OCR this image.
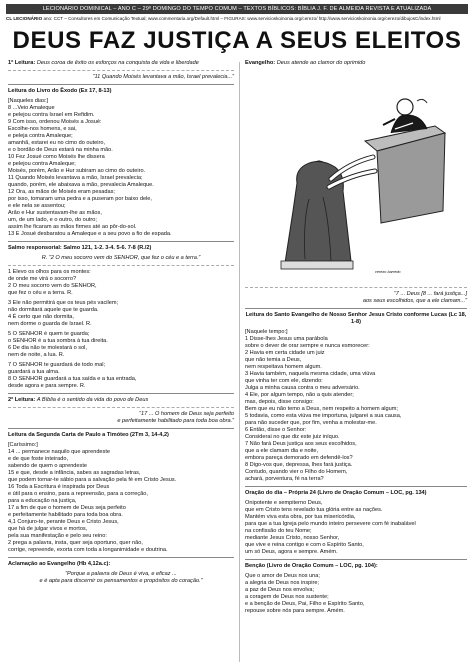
LECIONÁRIO DOMINICAL – ANO C – 29º DOMINGO DO TEMPO COMUM – TEXTOS BÍBLICOS: BÍBLIA J. F. DE ALMEIDA REVISTA E ATUALIZADA
CL LECIONÁRIO ano: CCT – Consultores em Comunicação Textual; www.commentaria.org/Default.html – FIGURAS: www.servicioskoinonia.org/cerezo/ http://www.servicioskoinonia.org/cerezo/dibujosC/index.html
DEUS FAZ JUSTIÇA A SEUS ELEITOS

1ª Leitura: Deus coroa de êxito os esforços na conquista da vida e liberdade

“11 Quando Moisés levantava a mão, Israel prevalecia...”

Leitura do Livro do Êxodo (Ex 17, 8-13)

[Naqueles dias:]

8 ...Veio Amaleque

e pelejou contra Israel em Refidim.

9 Com isso, ordenou Moisés a Josué:

Escolhe-nos homens, e sai,

e peleja contra Amaleque;

amanhã, estarei eu no cimo do outeiro,

e o bordão de Deus estará na minha mão.

10 Fez Josué como Moisés lhe dissera

e pelejou contra Amaleque;

Moisés, porém, Arão e Hur subiram ao cimo do outeiro.

11 Quando Moisés levantava a mão, Israel prevalecia;

quando, porém, ele abaixava a mão, prevalecia Amaleque.

12 Ora, as mãos de Moisés eram pesadas;

por isso, tomaram uma pedra e a puseram por baixo dele,

e ele nela se assentou;

Arão e Hur sustentavam-lhe as mãos,

um, de um lado, e o outro, do outro;

assim lhe ficaram as mãos firmes até ao pôr-do-sol.

13 E Josué desbaratou a Amaleque e a seu povo a fio de espada.

Salmo responsorial: Salmo 121, 1-2. 3-4. 5-6. 7-8 (R./2)

R. “2 O meu socorro vem do SENHOR, que fez o céu e a terra.”

1 Elevo os olhos para os montes:

de onde me virá o socorro?

2 O meu socorro vem do SENHOR,

que fez o céu e a terra. R.

3 Ele não permitirá que os teus pés vacilem;

não dormitará aquele que te guarda.

4 É certo que não dormita,

nem dorme o guarda de Israel. R.

5 O SENHOR é quem te guarda;

o SENHOR é a tua sombra à tua direita.

6 De dia não te molestará o sol,

nem de noite, a lua. R.

7 O SENHOR te guardará de todo mal;

guardará a tua alma.

8 O SENHOR guardará a tua saída e a tua entrada,

desde agora e para sempre. R.

2ª Leitura: A Bíblia é o sentido da vida do povo de Deus

“17 ... O homem de Deus seja perfeito

e perfeitamente habilitado para toda boa obra.”

Leitura da Segunda Carta de Paulo a Timóteo (2Tm 3, 14-4,2)

[Caríssimo:]

14 ... permanece naquilo que aprendeste

e de que foste inteirado,

sabendo de quem o aprendeste

15 e que, desde a infância, sabes as sagradas letras,

que podem tornar-te sábio para a salvação pela fé em Cristo Jesus.

16 Toda a Escritura é inspirada por Deus

e útil para o ensino, para a repreensão, para a correção,

para a educação na justiça,

17 a fim de que o homem de Deus seja perfeito

e perfeitamente habilitado para toda boa obra.

4,1 Conjuro-te, perante Deus e Cristo Jesus,

que há de julgar vivos e mortos,

pela sua manifestação e pelo seu reino:

2 prega a palavra, insta, quer seja oportuno, quer não,

corrige, repreende, exorta com toda a longanimidade e doutrina.

Aclamação ao Evangelho (Hb 4,12a.c):

“Porque a palavra de Deus é viva, e eficaz ...

e é apta para discernir os pensamentos e propósitos do coração.”

Evangelho: Deus atende ao clamor do oprimido

cerezo barredo

“7 ... Deus [8 ... fará justiça...]

aos seus escolhidos, que a ele clamam...”

Leitura do Santo Evangelho de Nosso Senhor Jesus Cristo conforme Lucas (Lc 18, 1-8)

[Naquele tempo:]

1 Disse-lhes Jesus uma parábola

sobre o dever de orar sempre e nunca esmorecer:

2 Havia em certa cidade um juiz

que não temia a Deus,

nem respeitava homem algum.

3 Havia também, naquela mesma cidade, uma viúva

que vinha ter com ele, dizendo:

Julga a minha causa contra o meu adversário.

4 Ele, por algum tempo, não a quis atender;

mas, depois, disse consigo:

Bem que eu não temo a Deus, nem respeito a homem algum;

5 todavia, como esta viúva me importuna, julgarei a sua causa,

para não suceder que, por fim, venha a molestar-me.

6 Então, disse o Senhor:

Considerai no que diz este juiz iníquo.

7 Não fará Deus justiça aos seus escolhidos,

que a ele clamam dia e noite,

embora pareça demorado em defendê-los?

8 Digo-vos que, depressa, lhes fará justiça.

Contudo, quando vier o Filho do Homem,

achará, porventura, fé na terra?

Oração do dia – Própria 24 (Livro de Oração Comum – LOC, pg. 134)

Onipotente e sempiterno Deus,

que em Cristo tens revelado tua glória entre as nações.

Mantém viva esta obra, por tua misericórdia,

para que a tua Igreja pelo mundo inteiro persevere com fé inabalável

na confissão do teu Nome;

mediante Jesus Cristo, nosso Senhor,

que vive e reina contigo e com o Espírito Santo,

um só Deus, agora e sempre. Amém.

Benção (Livro de Oração Comum – LOC, pg. 104):

Que o amor de Deus nos una;

a alegria de Deus nos inspire;

a paz de Deus nos envolva;

a coragem de Deus nos sustente;

e a benção de Deus, Pai, Filho e Espírito Santo,

repouse sobre nós para sempre. Amém.
